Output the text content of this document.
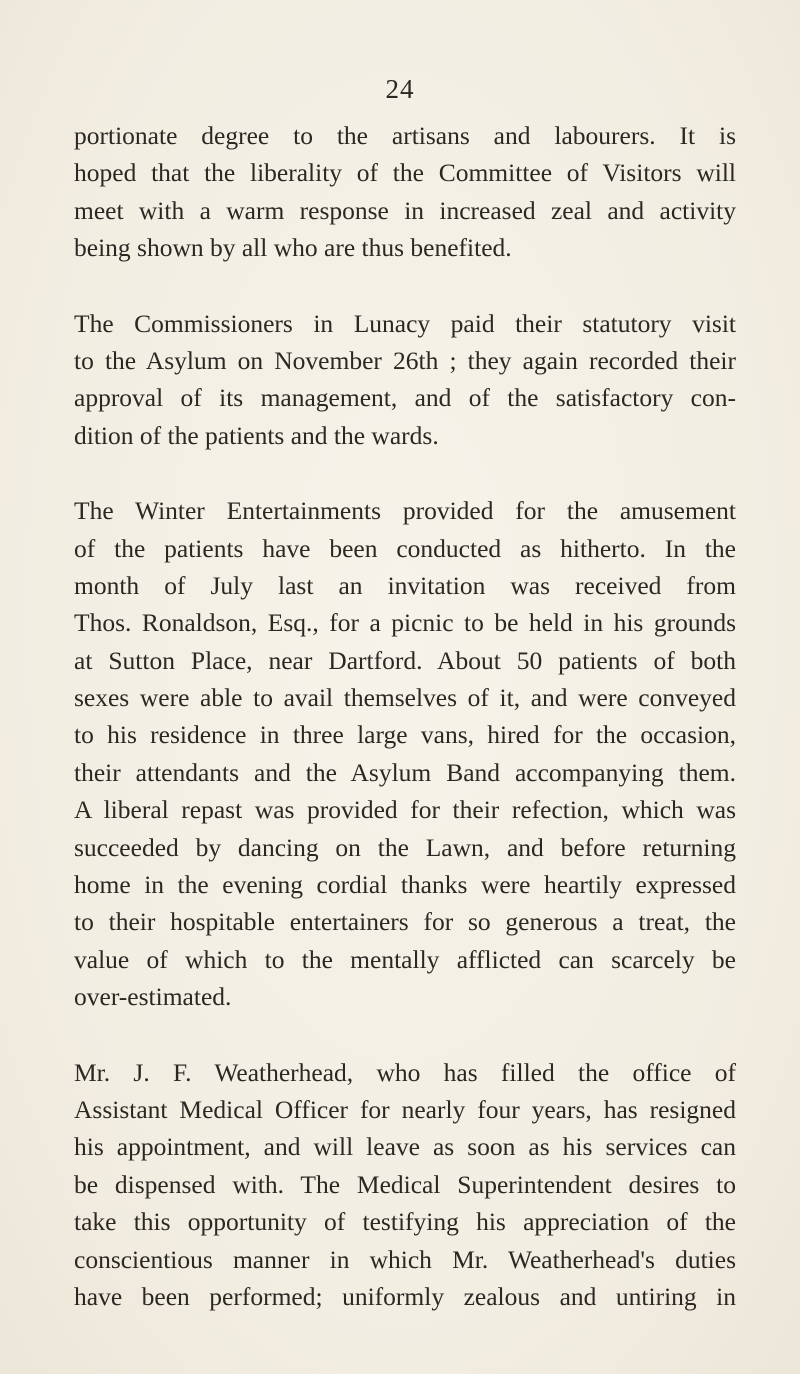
24

portionate degree to the artisans and labourers. It is
hoped that the liberality of the Committee of Visitors will
meet with a warm response in increased zeal and activity
being shown by all who are thus benefited.

The Commissioners in Lunacy paid their statutory visit
to the Asylum on November 26th ; they again recorded their
approval of its management, and of the satisfactory con-
dition of the patients and the wards.

The Winter Entertainments provided for the amusement
of the patients have been conducted as hitherto. In the
month of July last an invitation was received from
Thos. Ronaldson, Esq., for a picnic to be held in his grounds
at Sutton Place, near Dartford. About 50 patients of both
sexes were able to avail themselves of it, and were conveyed
to his residence in three large vans, hired for the occasion,
their attendants and the Asylum Band accompanying them.
A liberal repast was provided for their refection, which was
succeeded by dancing on the Lawn, and before returning
home in the evening cordial thanks were heartily expressed
to their hospitable entertainers for so generous a treat, the
value of which to the mentally afflicted can scarcely be
over-estimated.

Mr. J. F. Weatherhead, who has filled the office of
Assistant Medical Officer for nearly four years, has resigned
his appointment, and will leave as soon as his services can
be dispensed with. The Medical Superintendent desires to
take this opportunity of testifying his appreciation of the
conscientious manner in which Mr. Weatherhead's duties
have been performed; uniformly zealous and untiring in
